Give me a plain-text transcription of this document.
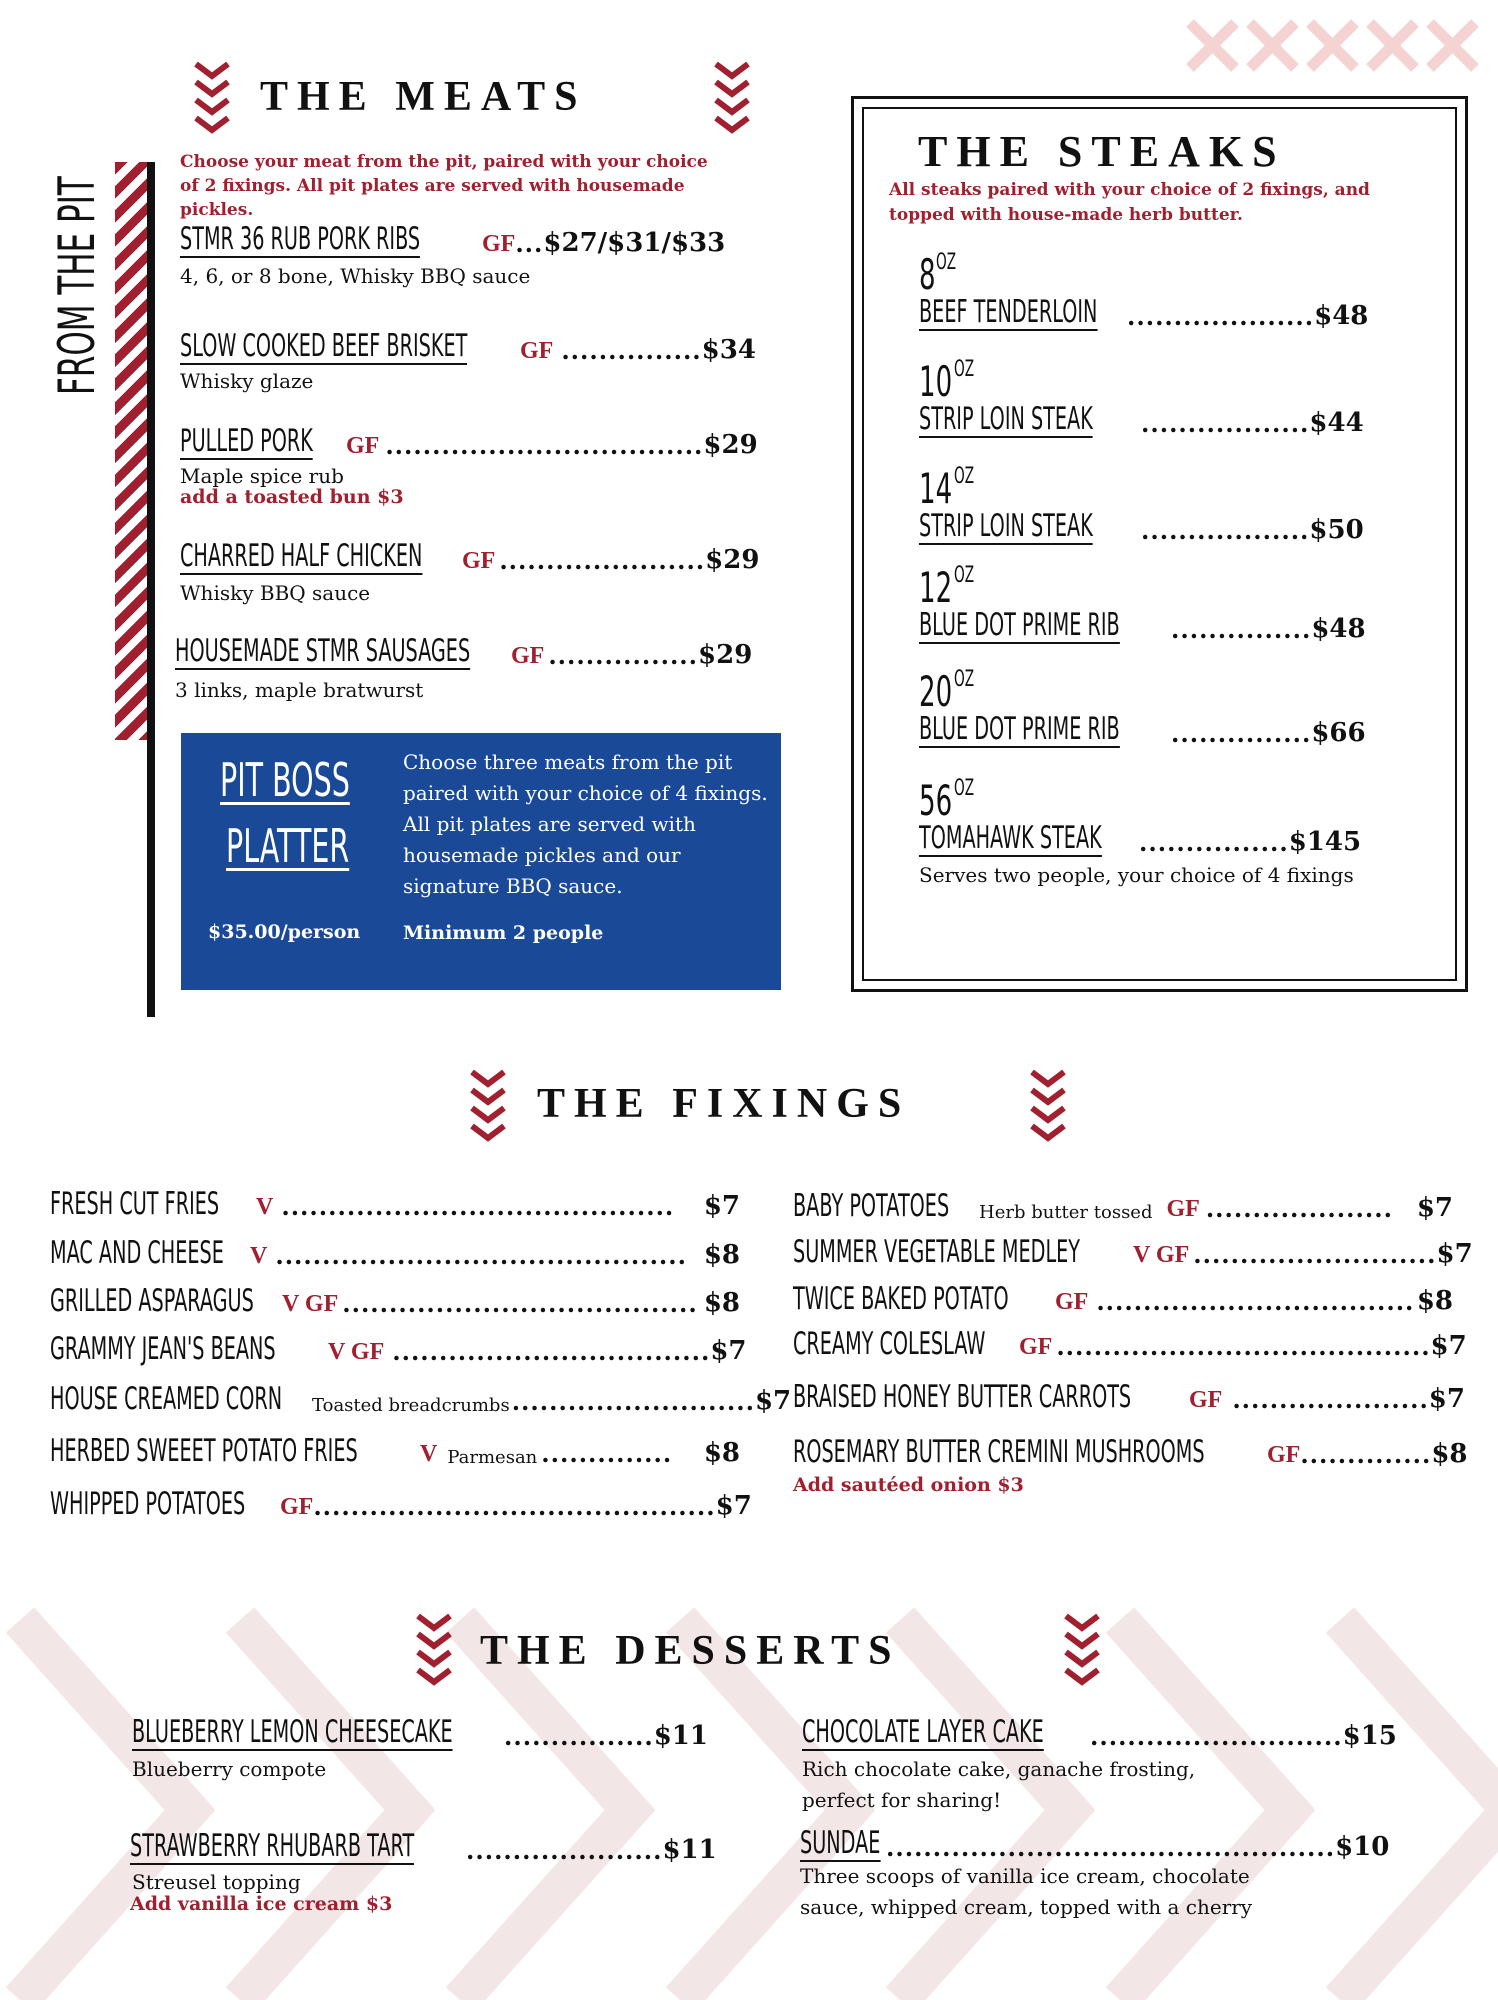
THE MEATS
FROM THE PIT
Choose your meat from the pit, paired with your choice of 2 fixings. All pit plates are served with housemade pickles.
STMR 36 RUB PORK RIBS	GF ... $27/$31/$33
4, 6, or 8 bone, Whisky BBQ sauce
SLOW COOKED BEEF BRISKET	GF ............... $34
Whisky glaze
PULLED PORK	GF .................................. $29
Maple spice rub
add a toasted bun $3
CHARRED HALF CHICKEN	GF ...................... $29
Whisky BBQ sauce
HOUSEMADE STMR SAUSAGES	GF ................ $29
3 links, maple bratwurst
PIT BOSS
PLATTER
Choose three meats from the pit paired with your choice of 4 fixings. All pit plates are served with housemade pickles and our signature BBQ sauce.
$35.00/person Minimum 2 people
THE STEAKS
All steaks paired with your choice of 2 fixings, and topped with house-made herb butter.
8 OZ
BEEF TENDERLOIN	.................... $48
10 OZ
STRIP LOIN STEAK	.................. $44
14 OZ
STRIP LOIN STEAK	.................. $50
12 OZ
BLUE DOT PRIME RIB	............... $48
20 OZ
BLUE DOT PRIME RIB	............... $66
56 OZ
TOMAHAWK STEAK	................ $145
Serves two people, your choice of 4 fixings
THE FIXINGS
FRESH CUT FRIES	V ..........................................	$7
MAC AND CHEESE	V ............................................ $8
GRILLED ASPARAGUS	V GF ...................................... $8
GRAMMY JEAN'S BEANS	V GF .................................. $7
HOUSE CREAMED CORN	Toasted breadcrumbs .......................... $7
HERBED SWEEET POTATO FRIES	V Parmesan ..............	$8
WHIPPED POTATOES	GF ........................................... $7
BABY POTATOES	Herb butter tossed GF .................... $7
SUMMER VEGETABLE MEDLEY	V GF .......................... $7
TWICE BAKED POTATO	GF .................................. $8
CREAMY COLESLAW	GF ........................................ $7
BRAISED HONEY BUTTER CARROTS	GF ..................... $7
ROSEMARY BUTTER CREMINI MUSHROOMS	GF .............. $8
Add sautéed onion $3
THE DESSERTS
BLUEBERRY LEMON CHEESECAKE	................ $11
Blueberry compote
STRAWBERRY RHUBARB TART	..................... $11
Streusel topping
Add vanilla ice cream $3
CHOCOLATE LAYER CAKE	........................... $15
Rich chocolate cake, ganache frosting,
perfect for sharing!
SUNDAE ................................................ $10
Three scoops of vanilla ice cream, chocolate
sauce, whipped cream, topped with a cherry
